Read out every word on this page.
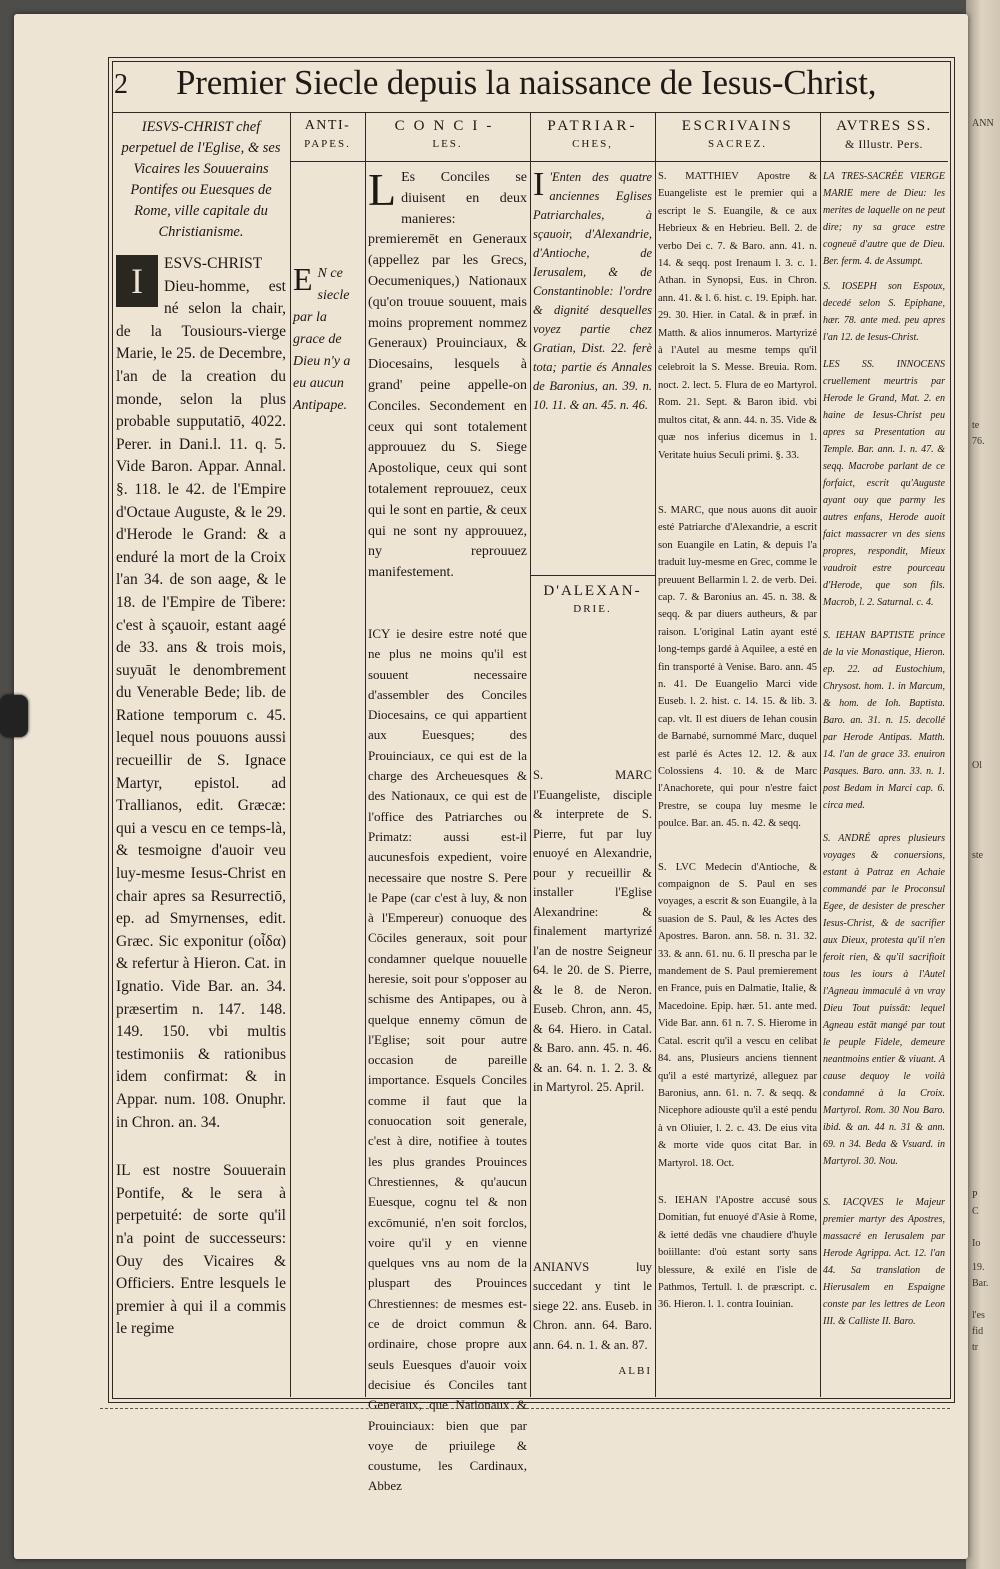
ANN
te
76.
Ol
ste
P
C
Io
19.
Bar.
l'es
fid
tr
2 Premier Siecle depuis la naissance de Iesus-Christ,
IESVS-CHRIST chef perpetuel de l'Eglise, & ses Vicaires les Souuerains Pontifes ou Euesques de Rome, ville capitale du Christianisme.
I	ESVS-CHRIST Dieu-homme, est né selon la chair, de la Tousiours-vierge Marie, le 25. de Decembre, l'an de la creation du monde, selon la plus probable supputatiō, 4022. Perer. in Dani.l. 11. q. 5. Vide Baron. Appar. Annal. §. 118. le 42. de l'Empire d'Octaue Auguste, & le 29. d'Herode le Grand: & a enduré la mort de la Croix l'an 34. de son aage, & le 18. de l'Empire de Tibere: c'est à sçauoir, estant aagé de 33. ans & trois mois, suyuāt le denombrement du Venerable Bede; lib. de Ratione temporum c. 45. lequel nous pouuons aussi recueillir de S. Ignace Martyr, epistol. ad Trallianos, edit. Græcæ: qui a vescu en ce temps-là, & tesmoigne d'auoir veu luy-mesme Iesus-Christ en chair apres sa Resurrectiō, ep. ad Smyrnenses, edit. Græc. Sic exponitur (οἶδα) & refertur à Hieron. Cat. in Ignatio. Vide Bar. an. 34. præsertim n. 147. 148. 149. 150. vbi multis testimoniis & rationibus idem confirmat: & in Appar. num. 108. Onuphr. in Chron. an. 34.
IL est nostre Souuerain Pontife, & le sera à perpetuité: de sorte qu'il n'a point de successeurs: Ouy des Vicaires & Officiers. Entre lesquels le premier à qui il a commis le regime
ANTI-
PAPES.
E N ce siecle par la grace de Dieu n'y a eu aucun Antipape.
CONCI-
LES.
L Es Conciles se diuisent en deux manieres: premieremēt en Generaux (appellez par les Grecs, Oecumeniques,) Nationaux (qu'on trouue souuent, mais moins proprement nommez Generaux) Prouinciaux, & Diocesains, lesquels à grand' peine appelle-on Conciles. Secondement en ceux qui sont totalement approuuez du S. Siege Apostolique, ceux qui sont totalement reprouuez, ceux qui le sont en partie, & ceux qui ne sont ny approuuez, ny reprouuez manifestement.
ICY ie desire estre noté que ne plus ne moins qu'il est souuent necessaire d'assembler des Conciles Diocesains, ce qui appartient aux Euesques; des Prouinciaux, ce qui est de la charge des Archeuesques & des Nationaux, ce qui est de l'office des Patriarches ou Primatz: aussi est-il aucunesfois expedient, voire necessaire que nostre S. Pere le Pape (car c'est à luy, & non à l'Empereur) conuoque des Cōciles generaux, soit pour condamner quelque nouuelle heresie, soit pour s'opposer au schisme des Antipapes, ou à quelque ennemy cōmun de l'Eglise; soit pour autre occasion de pareille importance. Esquels Conciles comme il faut que la conuocation soit generale, c'est à dire, notifiee à toutes les plus grandes Prouinces Chrestiennes, & qu'aucun Euesque, cognu tel & non excōmunié, n'en soit forclos, voire qu'il y en vienne quelques vns au nom de la pluspart des Prouinces Chrestiennes: de mesmes est-ce de droict commun & ordinaire, chose propre aux seuls Euesques d'auoir voix decisiue és Conciles tant Generaux, que Nationaux & Prouinciaux: bien que par voye de priuilege & coustume, les Cardinaux, Abbez
PATRIAR-
CHES,
I 'Enten des quatre anciennes Eglises Patriarchales, à sçauoir, d'Alexandrie, d'Antioche, de Ierusalem, & de Constantinoble: l'ordre & dignité desquelles voyez partie chez Gratian, Dist. 22. ferè tota; partie és Annales de Baronius, an. 39. n. 10. 11. & an. 45. n. 46.
D'ALEXAN-
DRIE.
S. MARC l'Euangeliste, disciple & interprete de S. Pierre, fut par luy enuoyé en Alexandrie, pour y recueillir & installer l'Eglise Alexandrine: & finalement martyrizé l'an de nostre Seigneur 64. le 20. de S. Pierre, & le 8. de Neron. Euseb. Chron, ann. 45, & 64. Hiero. in Catal. & Baro. ann. 45. n. 46. & an. 64. n. 1. 2. 3. & in Martyrol. 25. April.
ANIANVS luy succedant y tint le siege 22. ans. Euseb. in Chron. ann. 64. Baro. ann. 64. n. 1. & an. 87.
ALBI
ESCRIVAINS
SACREZ.
S. MATTHIEV Apostre & Euangeliste est le premier qui a escript le S. Euangile, & ce aux Hebrieux & en Hebrieu. Bell. 2. de verbo Dei c. 7. & Baro. ann. 41. n. 14. & seqq. post Irenaum l. 3. c. 1. Athan. in Synopsi, Eus. in Chron. ann. 41. & l. 6. hist. c. 19. Epiph. har. 29. 30. Hier. in Catal. & in præf. in Matth. & alios innumeros. Martyrizé à l'Autel au mesme temps qu'il celebroit la S. Messe. Breuia. Rom. noct. 2. lect. 5. Flura de eo Martyrol. Rom. 21. Sept. & Baron ibid. vbi multos citat, & ann. 44. n. 35. Vide & quæ nos inferius dicemus in 1. Veritate huius Seculi primi. §. 33.
S. MARC, que nous auons dit auoir esté Patriarche d'Alexandrie, a escrit son Euangile en Latin, & depuis l'a traduit luy-mesme en Grec, comme le preuuent Bellarmin l. 2. de verb. Dei. cap. 7. & Baronius an. 45. n. 38. & seqq. & par diuers autheurs, & par raison. L'original Latin ayant esté long-temps gardé à Aquilee, a esté en fin transporté à Venise. Baro. ann. 45 n. 41. De Euangelio Marci vide Euseb. l. 2. hist. c. 14. 15. & lib. 3. cap. vlt. Il est diuers de Iehan cousin de Barnabé, surnommé Marc, duquel est parlé és Actes 12. 12. & aux Colossiens 4. 10. & de Marc l'Anachorete, qui pour n'estre faict Prestre, se coupa luy mesme le poulce. Bar. an. 45. n. 42. & seqq.
S. LVC Medecin d'Antioche, & compaignon de S. Paul en ses voyages, a escrit & son Euangile, à la suasion de S. Paul, & les Actes des Apostres. Baron. ann. 58. n. 31. 32. 33. & ann. 61. nu. 6. Il prescha par le mandement de S. Paul premierement en France, puis en Dalmatie, Italie, & Macedoine. Epip. hær. 51. ante med. Vide Bar. ann. 61 n. 7. S. Hierome in Catal. escrit qu'il a vescu en celibat 84. ans, Plusieurs anciens tiennent qu'il a esté martyrizé, alleguez par Baronius, ann. 61. n. 7. & seqq. & Nicephore adiouste qu'il a esté pendu à vn Oliuier, l. 2. c. 43. De eius vita & morte vide quos citat Bar. in Martyrol. 18. Oct.
S. IEHAN l'Apostre accusé sous Domitian, fut enuoyé d'Asie à Rome, & ietté dedās vne chaudiere d'huyle boiillante: d'où estant sorty sans blessure, & exilé en l'isle de Pathmos, Tertull. l. de præscript. c. 36. Hieron. l. 1. contra Iouinian.
AVTRES SS.
& Illustr. Pers.
LA TRES-SACRÉE VIERGE MARIE mere de Dieu: les merites de laquelle on ne peut dire; ny sa grace estre cogneuë d'autre que de Dieu. Ber. ferm. 4. de Assumpt.
S. IOSEPH son Espoux, decedé selon S. Epiphane, hær. 78. ante med. peu apres l'an 12. de Iesus-Christ.
LES SS. INNOCENS cruellement meurtris par Herode le Grand, Mat. 2. en haine de Iesus-Christ peu apres sa Presentation au Temple. Bar. ann. 1. n. 47. & seqq. Macrobe parlant de ce forfaict, escrit qu'Auguste ayant ouy que parmy les autres enfans, Herode auoit faict massacrer vn des siens propres, respondit, Mieux vaudroit estre pourceau d'Herode, que son fils. Macrob, l. 2. Saturnal. c. 4.
S. IEHAN BAPTISTE prince de la vie Monastique, Hieron. ep. 22. ad Eustochium, Chrysost. hom. 1. in Marcum, & hom. de Ioh. Baptista. Baro. an. 31. n. 15. decollé par Herode Antipas. Matth. 14. l'an de grace 33. enuiron Pasques. Baro. ann. 33. n. 1. post Bedam in Marci cap. 6. circa med.
S. ANDRÉ apres plusieurs voyages & conuersions, estant à Patraz en Achaie commandé par le Proconsul Egee, de desister de prescher Iesus-Christ, & de sacrifier aux Dieux, protesta qu'il n'en feroit rien, & qu'il sacrifioit tous les iours à l'Autel l'Agneau immaculé à vn vray Dieu Tout puissāt: lequel Agneau estāt mangé par tout le peuple Fidele, demeure neantmoins entier & viuant. A cause dequoy le voilà condamné à la Croix. Martyrol. Rom. 30 Nou Baro. ibid. & an. 44 n. 31 & ann. 69. n 34. Beda & Vsuard. in Martyrol. 30. Nou.
S. IACQVES le Majeur premier martyr des Apostres, massacré en Ierusalem par Herode Agrippa. Act. 12. l'an 44. Sa translation de Hierusalem en Espaigne conste par les lettres de Leon III. & Calliste II. Baro.
